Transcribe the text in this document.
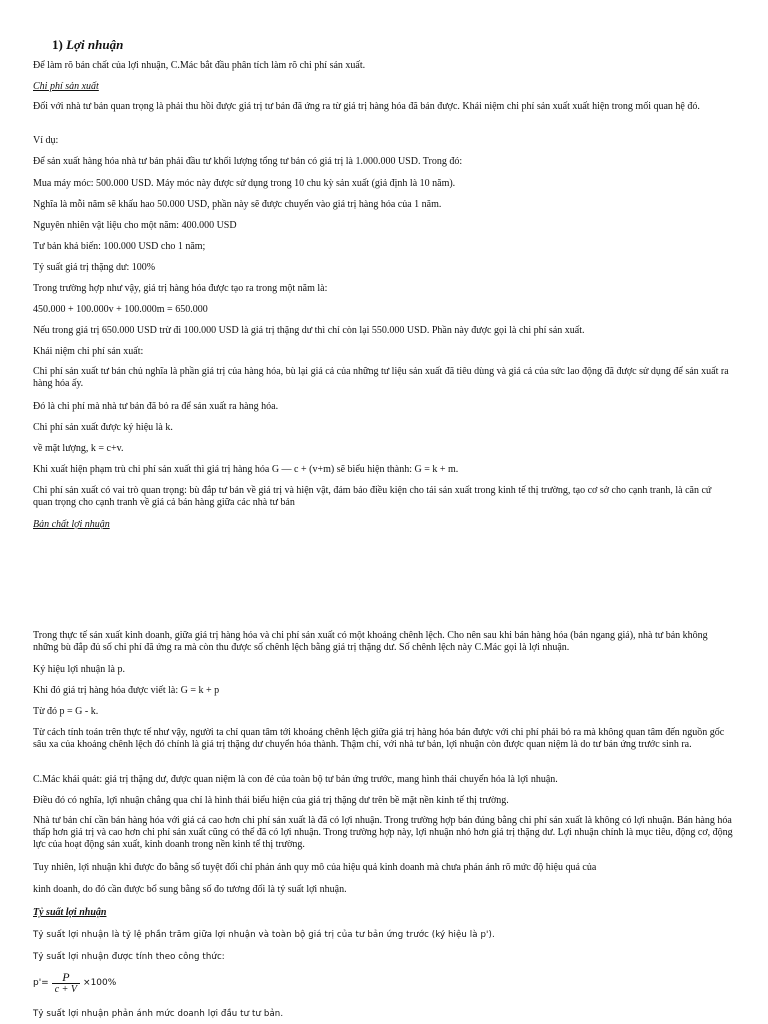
1) Lợi nhuận
Để làm rõ bản chất của lợi nhuận, C.Mác bắt đầu phân tích làm rõ chi phí sản xuất.
Chi phí sản xuất
Đối với nhà tư bản quan trọng là phải thu hồi được giá trị tư bản đã ứng ra từ giá trị hàng hóa đã bán được. Khái niệm chi phí sản xuất xuất hiện trong mối quan hệ đó.
Ví dụ:
Để sản xuất hàng hóa nhà tư bản phải đầu tư khối lượng tổng tư bản có giá trị là 1.000.000 USD. Trong đó:
Mua máy móc: 500.000 USD. Máy móc này được sử dụng trong 10 chu kỳ sản xuất (giả định là 10 năm).
Nghĩa là mỗi năm sẽ khấu hao 50.000 USD, phần này sẽ được chuyển vào giá trị hàng hóa của 1 năm.
Nguyên nhiên vật liệu cho một năm: 400.000 USD
Tư bản khả biến: 100.000 USD cho 1 năm;
Tỷ suất giá trị thặng dư: 100%
Trong trường hợp như vậy, giá trị hàng hóa được tạo ra trong một năm là:
450.000 + 100.000v + 100.000m = 650.000
Nếu trong giá trị 650.000 USD trừ đi 100.000 USD là giá trị thặng dư thì chỉ còn lại 550.000 USD. Phần này được gọi là chi phí sản xuất.
Khái niệm chi phí sản xuất:
Chi phí sản xuất tư bản chủ nghĩa là phần giá trị của hàng hóa, bù lại giá cả của những tư liệu sản xuất đã tiêu dùng và giá cả của sức lao động đã được sử dụng để sản xuất ra hàng hóa ấy.
Đó là chi phí mà nhà tư bản đã bỏ ra để sản xuất ra hàng hóa.
Chi phí sản xuất được ký hiệu là k.
về mặt lượng, k = c+v.
Khi xuất hiện phạm trù chi phí sản xuất thì giá trị hàng hóa G — c + (v+m) sẽ biểu hiện thành: G = k + m.
Chi phí sản xuất có vai trò quan trọng: bù đắp tư bản về giá trị và hiện vật, đảm bảo điều kiện cho tái sản xuất trong kinh tế thị trường, tạo cơ sở cho cạnh tranh, là căn cứ quan trọng cho cạnh tranh về giá cả bán hàng giữa các nhà tư bản
Bản chất lợi nhuận
Trong thực tế sản xuất kinh doanh, giữa giá trị hàng hóa và chi phí sản xuất có một khoảng chênh lệch. Cho nên sau khi bán hàng hóa (bán ngang giá), nhà tư bản không những bù đắp đủ số chi phí đã ứng ra mà còn thu được số chênh lệch bằng giá trị thặng dư. Số chênh lệch này C.Mác gọi là lợi nhuận.
Ký hiệu lợi nhuận là p.
Khi đó giá trị hàng hóa được viết là: G = k + p
Từ đó p = G - k.
Từ cách tính toán trên thực tế như vậy, người ta chỉ quan tâm tới khoảng chênh lệch giữa giá trị hàng hóa bán được với chi phí phải bỏ ra mà không quan tâm đến nguồn gốc sâu xa của khoảng chênh lệch đó chính là giá trị thặng dư chuyển hóa thành. Thậm chí, với nhà tư bản, lợi nhuận còn được quan niệm là do tư bản ứng trước sinh ra.
C.Mác khái quát: giá trị thặng dư, được quan niệm là con đẻ của toàn bộ tư bản ứng trước, mang hình thái chuyển hóa là lợi nhuận.
Điều đó có nghĩa, lợi nhuận chẳng qua chỉ là hình thái biểu hiện của giá trị thặng dư trên bề mặt nền kinh tế thị trường.
Nhà tư bản chỉ cần bán hàng hóa với giá cả cao hơn chi phí sản xuất là đã có lợi nhuận. Trong trường hợp bán đúng bằng chi phí sản xuất là không có lợi nhuận. Bán hàng hóa thấp hơn giá trị và cao hơn chi phí sản xuất cũng có thể đã có lợi nhuận. Trong trường hợp này, lợi nhuận nhỏ hơn giá trị thặng dư. Lợi nhuận chính là mục tiêu, động cơ, động lực của hoạt động sản xuất, kinh doanh trong nền kinh tế thị trường.
Tuy nhiên, lợi nhuận khi được đo bằng số tuyệt đối chỉ phản ánh quy mô của hiệu quả kinh doanh mà chưa phản ánh rõ mức độ hiệu quả của
kinh doanh, do đó cần được bổ sung bằng số đo tương đối là tỷ suất lợi nhuận.
Tỷ suất lợi nhuận
Tỷ suất lợi nhuận là tỷ lệ phần trăm giữa lợi nhuận và toàn bộ giá trị của tư bản ứng trước (ký hiệu là p').
Tỷ suất lợi nhuận được tính theo công thức:
$p'= \frac{P}{c + V} \times 100\%$
Tỷ suất lợi nhuận phản ánh mức doanh lợi đầu tư tư bản.
